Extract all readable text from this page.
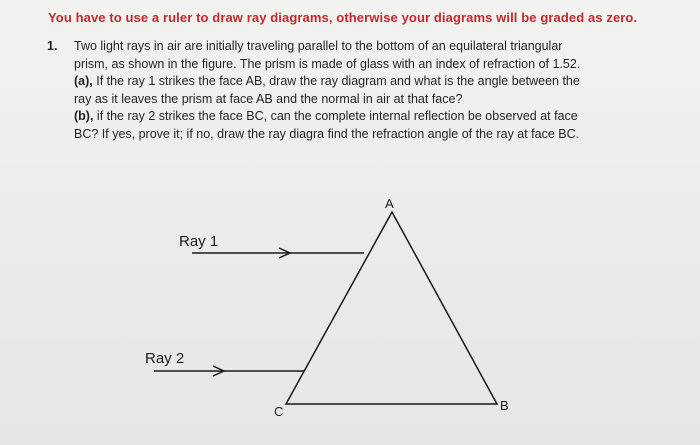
You have to use a ruler to draw ray diagrams, otherwise your diagrams will be graded as zero.
1. Two light rays in air are initially traveling parallel to the bottom of an equilateral triangular
prism, as shown in the figure. The prism is made of glass with an index of refraction of 1.52.
(a), If the ray 1 strikes the face AB, draw the ray diagram and what is the angle between the
ray as it leaves the prism at face AB and the normal in air at that face?
(b), if the ray 2 strikes the face BC, can the complete internal reflection be observed at face
BC? If yes, prove it; if no, draw the ray diagra find the refraction angle of the ray at face BC.
Ray 1
Ray 2
A
B
C
